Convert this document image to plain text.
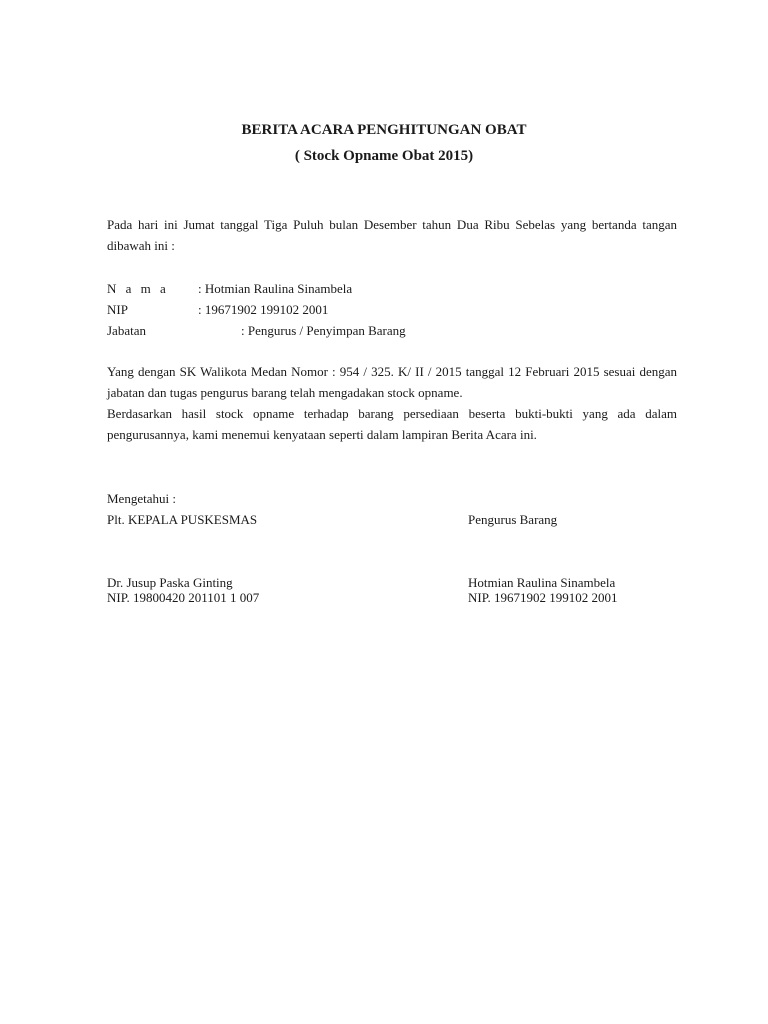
BERITA ACARA PENGHITUNGAN OBAT
( Stock Opname Obat 2015)

Pada hari ini Jumat tanggal Tiga Puluh bulan Desember tahun Dua Ribu Sebelas yang bertanda tangan dibawah ini :

N a m a : Hotmian Raulina Sinambela
NIP	: 19671902 199102 2001
Jabatan	: Pengurus / Penyimpan Barang
Yang dengan SK Walikota Medan Nomor : 954 / 325. K/ II / 2015 tanggal 12 Februari 2015 sesuai dengan jabatan dan tugas pengurus barang telah mengadakan stock opname.
Berdasarkan hasil stock opname terhadap barang persediaan beserta bukti-bukti yang ada dalam pengurusannya, kami menemui kenyataan seperti dalam lampiran Berita Acara ini.
Mengetahui :
Plt. KEPALA PUSKESMAS	Pengurus Barang
Dr. Jusup Paska Ginting
NIP. 19800420 201101 1 007
Hotmian Raulina Sinambela
NIP. 19671902 199102 2001
